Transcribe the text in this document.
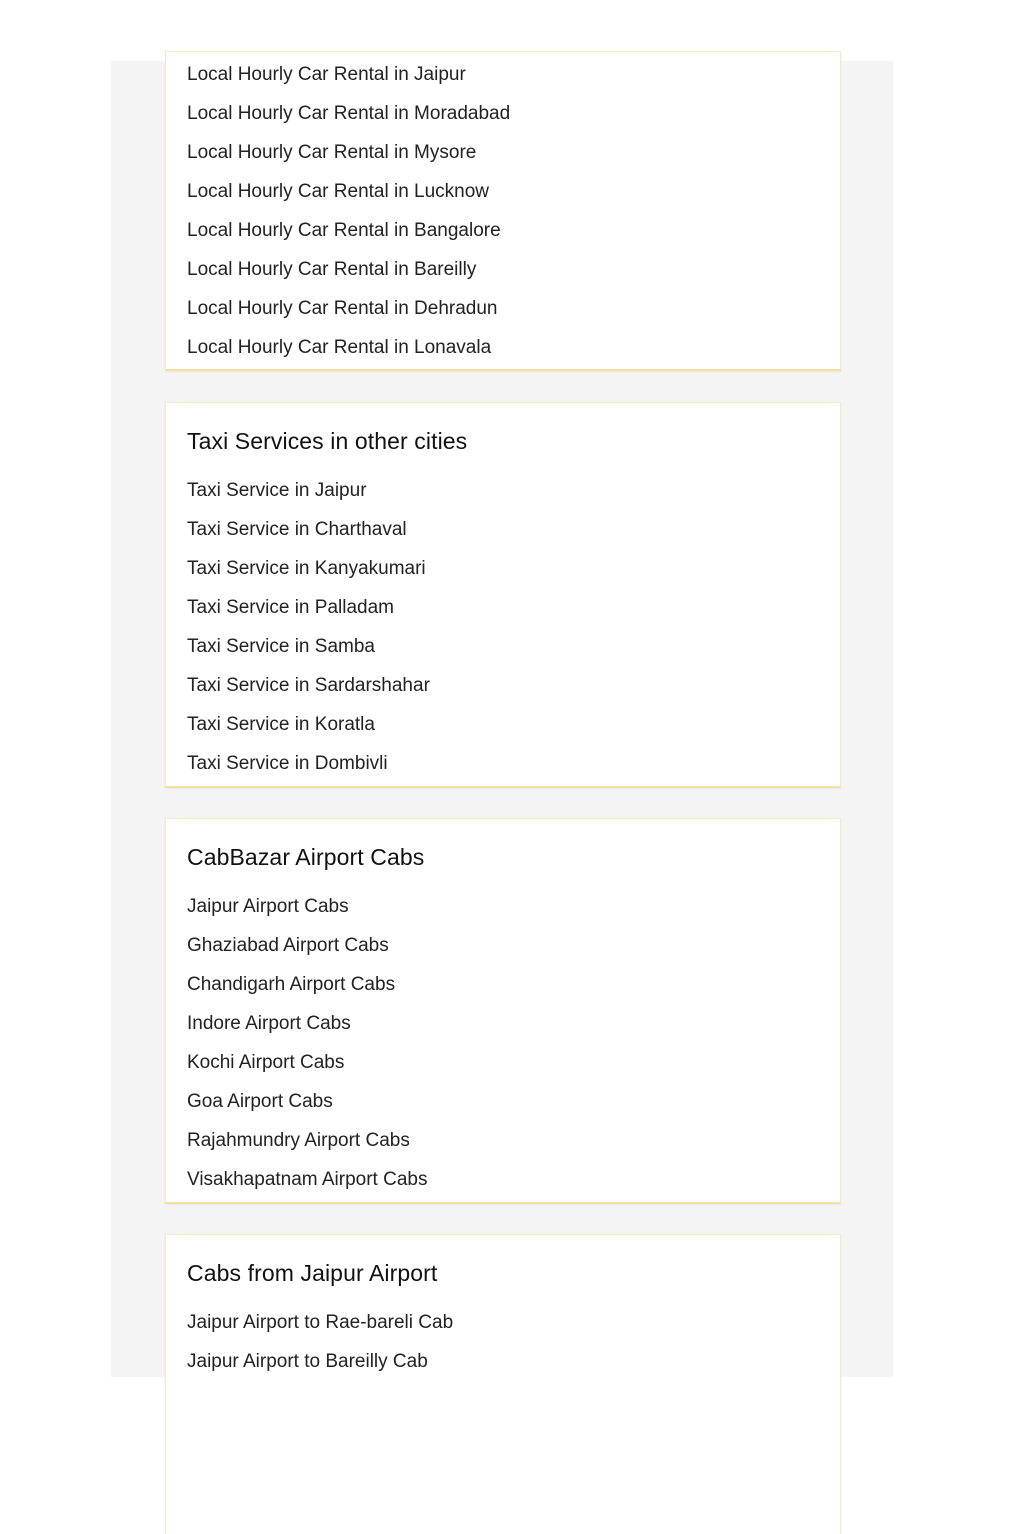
Local Hourly Car Rental in Jaipur
Local Hourly Car Rental in Moradabad
Local Hourly Car Rental in Mysore
Local Hourly Car Rental in Lucknow
Local Hourly Car Rental in Bangalore
Local Hourly Car Rental in Bareilly
Local Hourly Car Rental in Dehradun
Local Hourly Car Rental in Lonavala
Taxi Services in other cities
Taxi Service in Jaipur
Taxi Service in Charthaval
Taxi Service in Kanyakumari
Taxi Service in Palladam
Taxi Service in Samba
Taxi Service in Sardarshahar
Taxi Service in Koratla
Taxi Service in Dombivli
CabBazar Airport Cabs
Jaipur Airport Cabs
Ghaziabad Airport Cabs
Chandigarh Airport Cabs
Indore Airport Cabs
Kochi Airport Cabs
Goa Airport Cabs
Rajahmundry Airport Cabs
Visakhapatnam Airport Cabs
Cabs from Jaipur Airport
Jaipur Airport to Rae-bareli Cab
Jaipur Airport to Bareilly Cab
